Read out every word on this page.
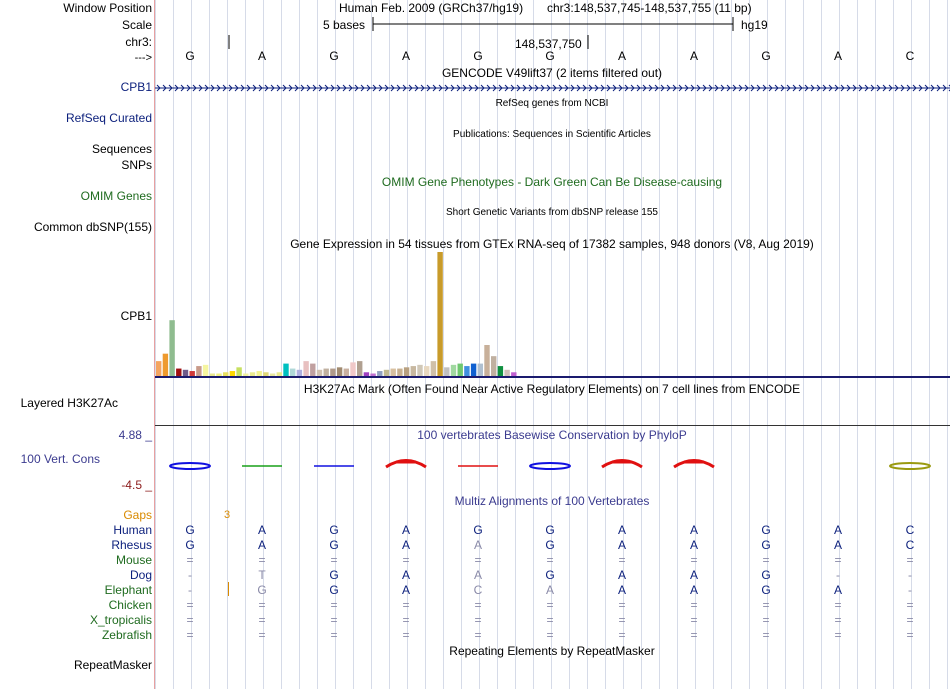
Window Position
Scale
chr3:
--->
CPB1
RefSeq Curated
Sequences
SNPs
OMIM Genes
Common dbSNP(155)
CPB1
Layered H3K27Ac
100 Vert. Cons
4.88 _
-4.5 _
Gaps
RepeatMasker
Human Feb. 2009 (GRCh37/hg19) chr3:148,537,745-148,537,755 (11 bp)
5 bases	hg19
148,537,750
G	A	G	A	G	G	A	A	G	A	C
GENCODE V49lift37 (2 items filtered out)
RefSeq genes from NCBI
Publications: Sequences in Scientific Articles
OMIM Gene Phenotypes - Dark Green Can Be Disease-causing
Short Genetic Variants from dbSNP release 155
Gene Expression in 54 tissues from GTEx RNA-seq of 17382 samples, 948 donors (V8, Aug 2019)
H3K27Ac Mark (Often Found Near Active Regulatory Elements) on 7 cell lines from ENCODE
100 vertebrates Basewise Conservation by PhyloP
Multiz Alignments of 100 Vertebrates
3
Human	G	A	G	A	G	G	A	A	G	A	C
Rhesus	G	A	G	A	A	G	A	A	G	A	C
Mouse	=	=	=	=	=	=	=	=	=	=	=
Dog	-	T	G	A	A	G	A	A	G	-	-
Elephant	-	G	G	A	C	A	A	A	G	A	-
Chicken	=	=	=	=	=	=	=	=	=	=	=
X_tropicalis	=	=	=	=	=	=	=	=	=	=	=
Zebrafish	=	=	=	=	=	=	=	=	=	=	=
Repeating Elements by RepeatMasker
